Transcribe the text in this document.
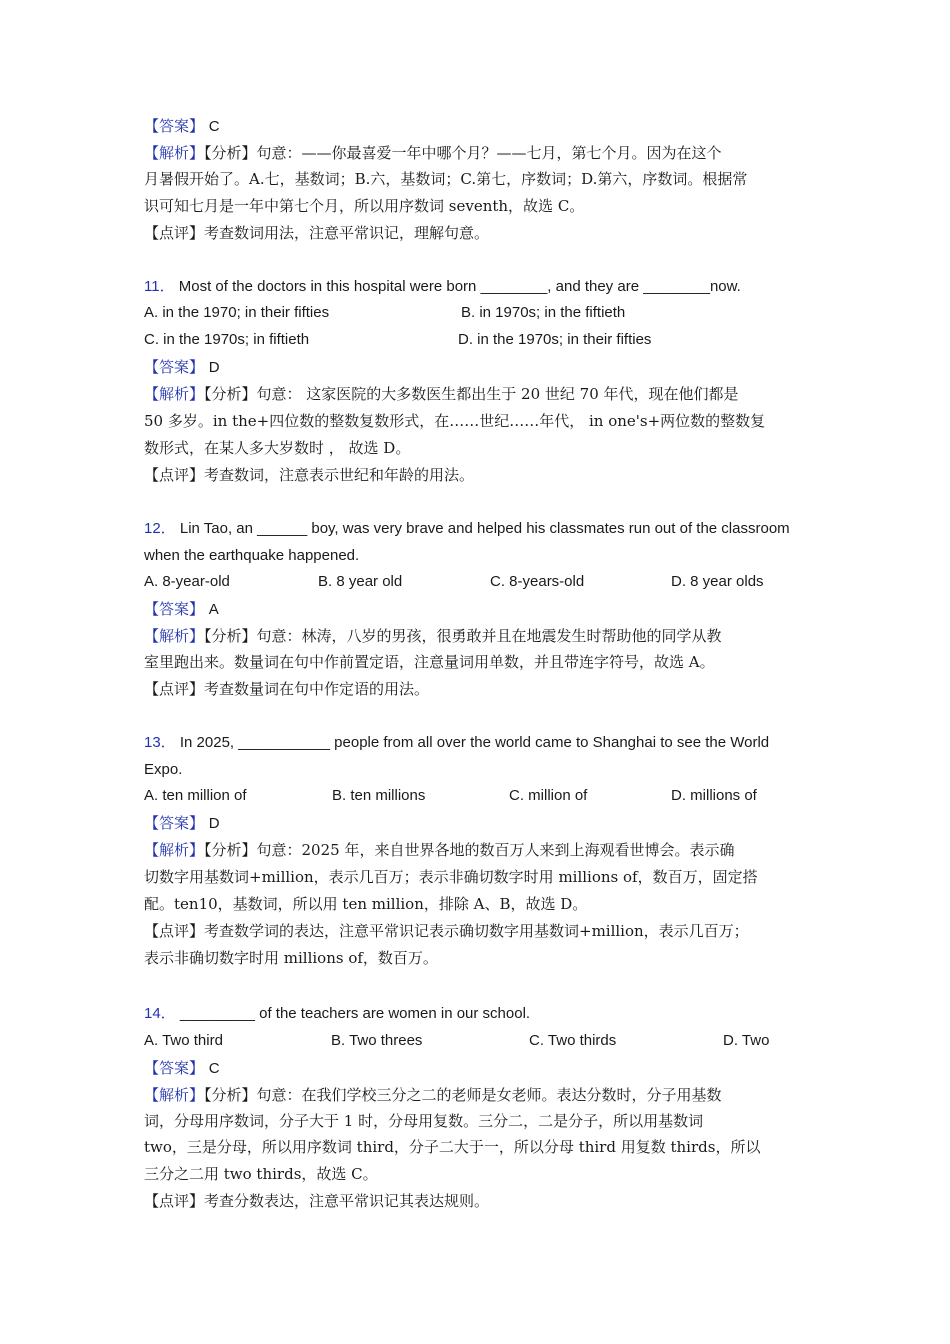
【答案】 C
【解析】【分析】句意：——你最喜爱一年中哪个月？——七月，第七个月。因为在这个
月暑假开始了。A.七，基数词；B.六，基数词；C.第七，序数词；D.第六，序数词。根据常
识可知七月是一年中第七个月，所以用序数词 seventh，故选 C。
【点评】考查数词用法，注意平常识记，理解句意。
11． Most of the doctors in this hospital were born ________, and they are ________now.
A. in the 1970; in their fifties	B. in 1970s; in the fiftieth
C. in the 1970s; in fiftieth	D. in the 1970s; in their fifties
【答案】 D
【解析】【分析】句意： 这家医院的大多数医生都出生于 20 世纪 70 年代，现在他们都是
50 多岁。in the+四位数的整数复数形式，在……世纪……年代， in one's+两位数的整数复
数形式，在某人多大岁数时 ， 故选 D。
【点评】考查数词，注意表示世纪和年龄的用法。
12． Lin Tao, an ______ boy, was very brave and helped his classmates run out of the classroom
when the earthquake happened.
A. 8-year-old	B. 8 year old	C. 8-years-old	D. 8 year olds
【答案】 A
【解析】【分析】句意：林涛，八岁的男孩，很勇敢并且在地震发生时帮助他的同学从教
室里跑出来。数量词在句中作前置定语，注意量词用单数，并且带连字符号，故选 A。
【点评】考查数量词在句中作定语的用法。
13． In 2025, ___________ people from all over the world came to Shanghai to see the World
Expo.
A. ten million of	B. ten millions	C. million of	D. millions of
【答案】 D
【解析】【分析】句意：2025 年，来自世界各地的数百万人来到上海观看世博会。表示确
切数字用基数词+million，表示几百万；表示非确切数字时用 millions of，数百万，固定搭
配。ten10，基数词，所以用 ten million，排除 A、B，故选 D。
【点评】考查数学词的表达，注意平常识记表示确切数字用基数词+million，表示几百万；
表示非确切数字时用 millions of，数百万。
14． _________ of the teachers are women in our school.
A. Two third	B. Two threes	C. Two thirds	D. Two
【答案】 C
【解析】【分析】句意：在我们学校三分之二的老师是女老师。表达分数时，分子用基数
词，分母用序数词，分子大于 1 时，分母用复数。三分二，二是分子，所以用基数词
two，三是分母，所以用序数词 third，分子二大于一，所以分母 third 用复数 thirds，所以
三分之二用 two thirds，故选 C。
【点评】考查分数表达，注意平常识记其表达规则。
